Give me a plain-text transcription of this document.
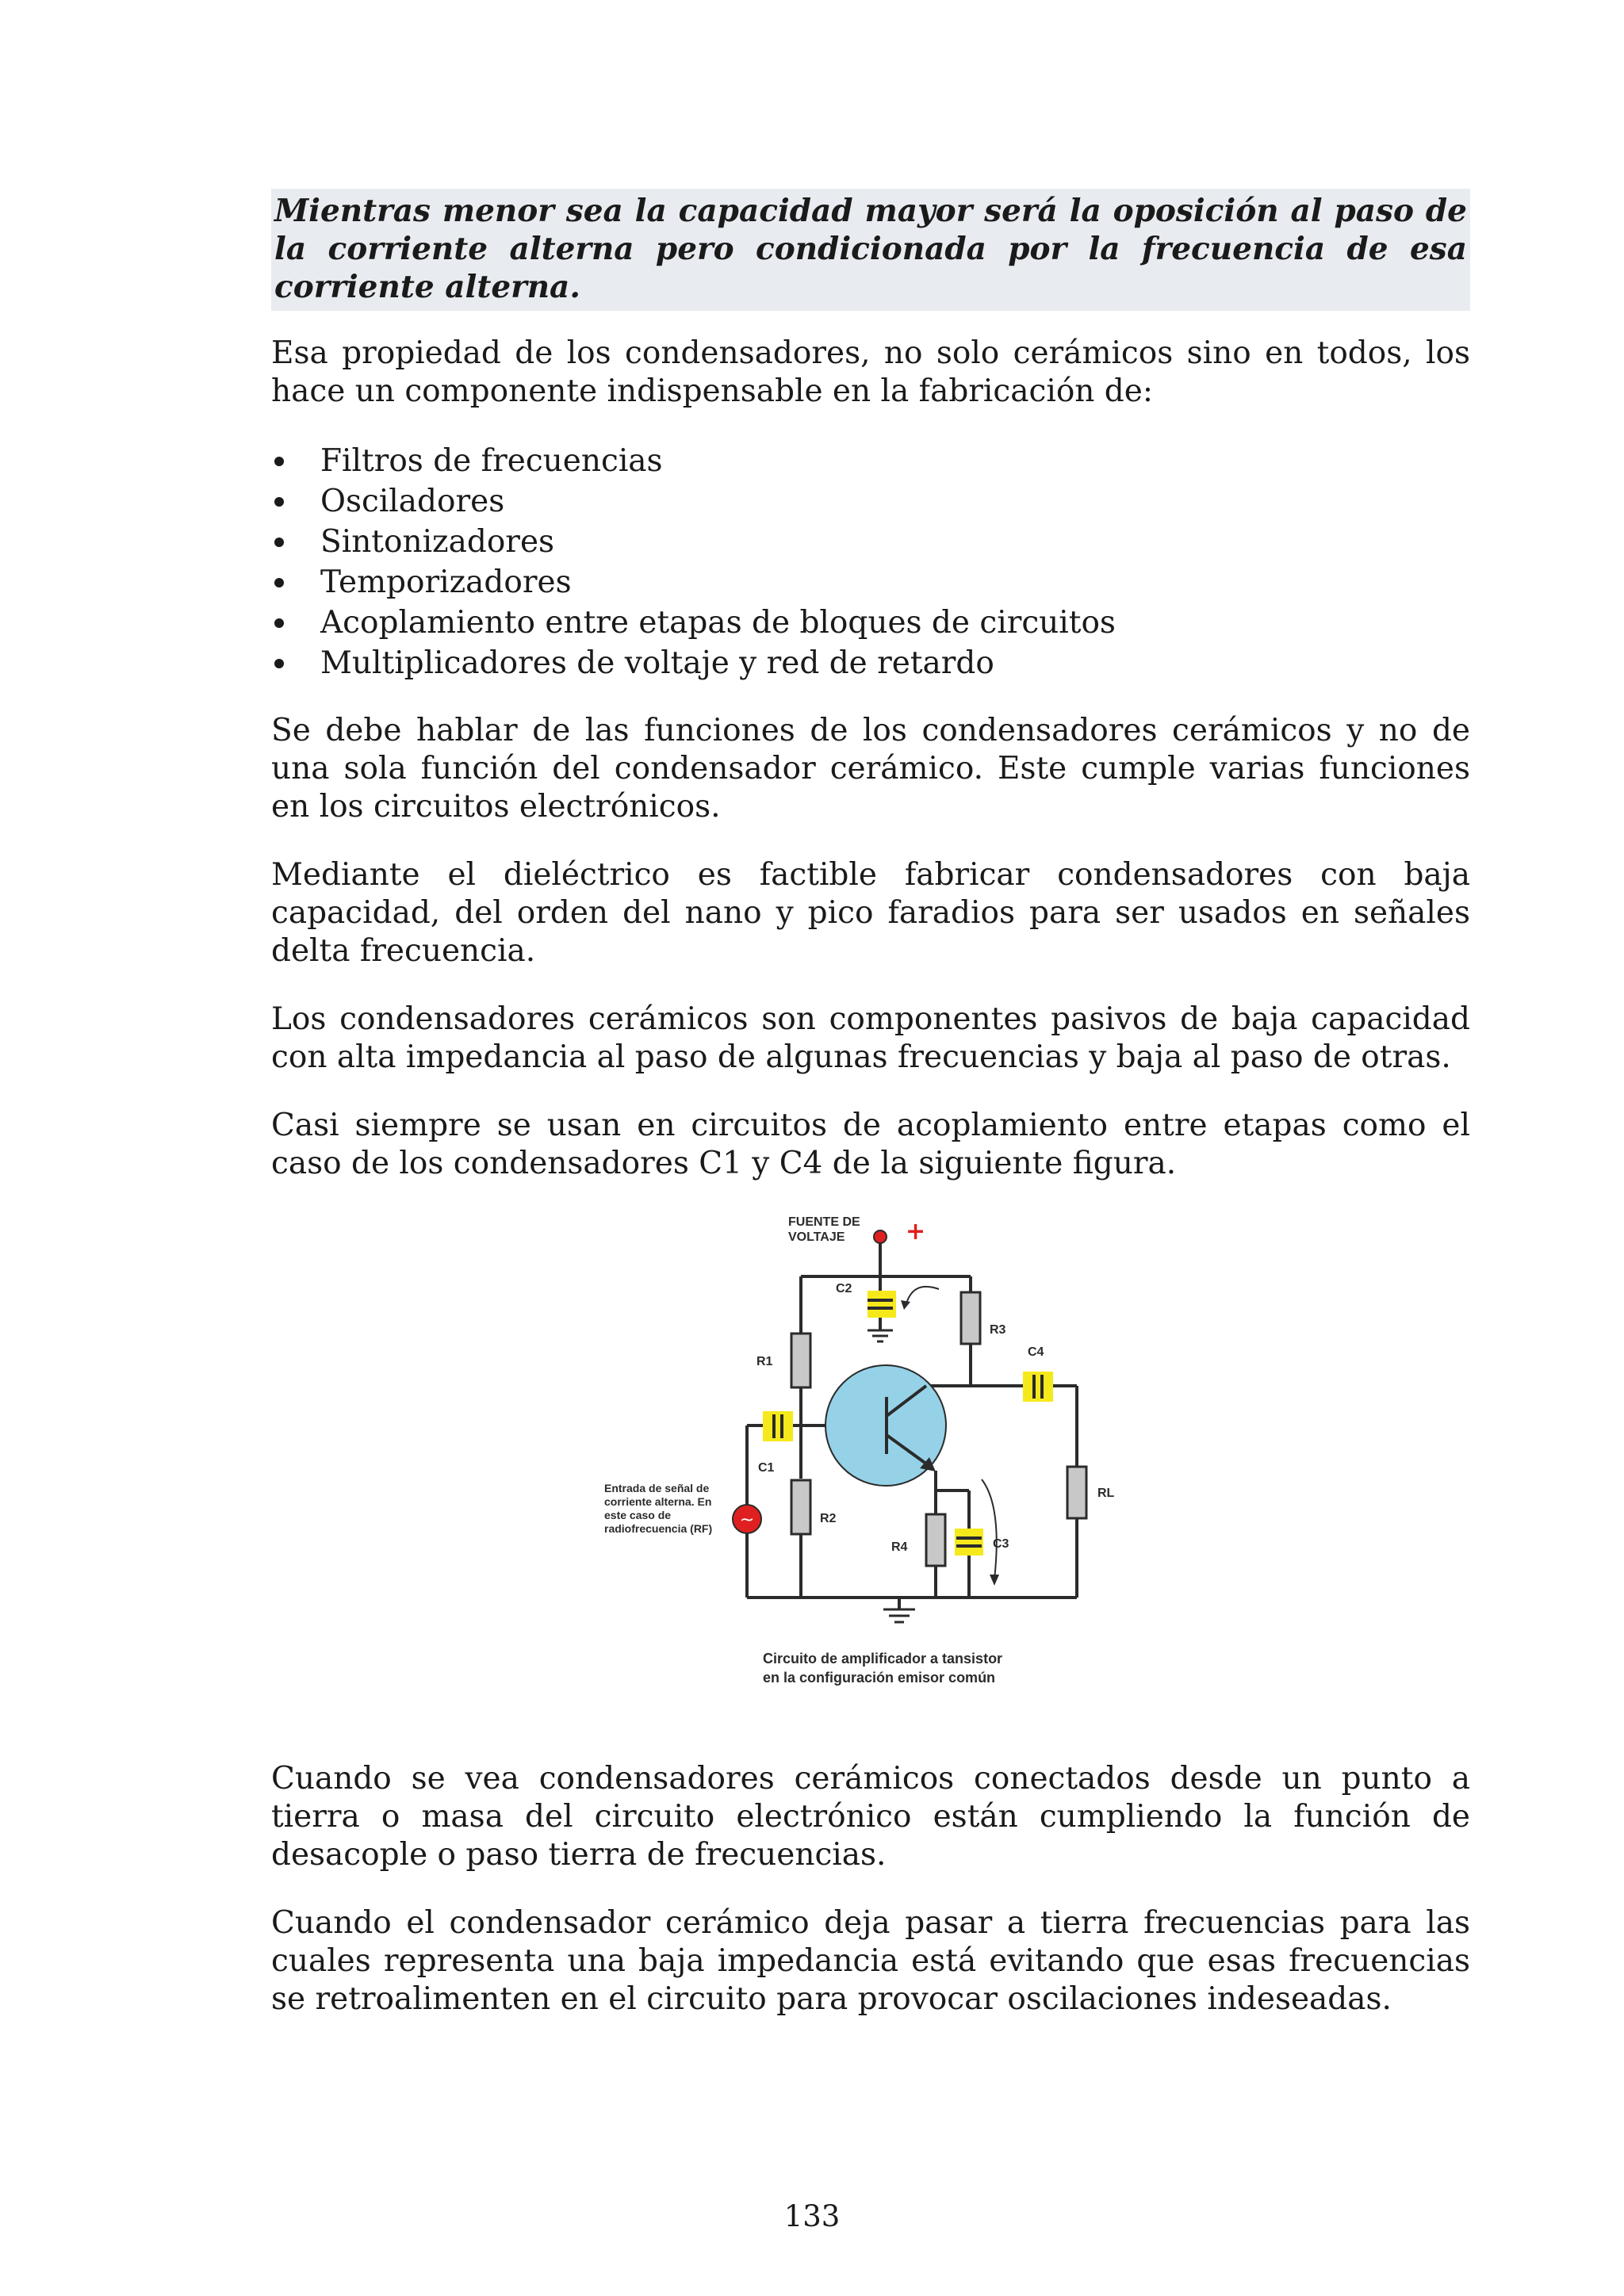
Mientras menor sea la capacidad mayor será la oposición al paso de la corriente alterna pero condicionada por la frecuencia de esa corriente alterna.

Esa propiedad de los condensadores, no solo cerámicos sino en todos, los hace un componente indispensable en la fabricación de:

Filtros de frecuencias
Osciladores
Sintonizadores
Temporizadores
Acoplamiento entre etapas de bloques de circuitos
Multiplicadores de voltaje y red de retardo

Se debe hablar de las funciones de los condensadores cerámicos y no de una sola función del condensador cerámico. Este cumple varias funciones en los circuitos electrónicos.

Mediante el dieléctrico es factible fabricar condensadores con baja capacidad, del orden del nano y pico faradios para ser usados en señales delta frecuencia.

Los condensadores cerámicos son componentes pasivos de baja capacidad con alta impedancia al paso de algunas frecuencias y baja al paso de otras.

Casi siempre se usan en circuitos de acoplamiento entre etapas como el caso de los condensadores C1 y C4 de la siguiente figura.

+
FUENTE DE
VOLTAJE
C2
C1
C4
C3
R1
R2
R3
R4
RL
~
Entrada de señal de
corriente alterna. En
este caso de
radiofrecuencia (RF)
Circuito de amplificador a tansistor
en la configuración emisor común

Cuando se vea condensadores cerámicos conectados desde un punto a tierra o masa del circuito electrónico están cumpliendo la función de desacople o paso tierra de frecuencias.

Cuando el condensador cerámico deja pasar a tierra frecuencias para las cuales representa una baja impedancia está evitando que esas frecuencias se retroalimenten en el circuito para provocar oscilaciones indeseadas.

133
